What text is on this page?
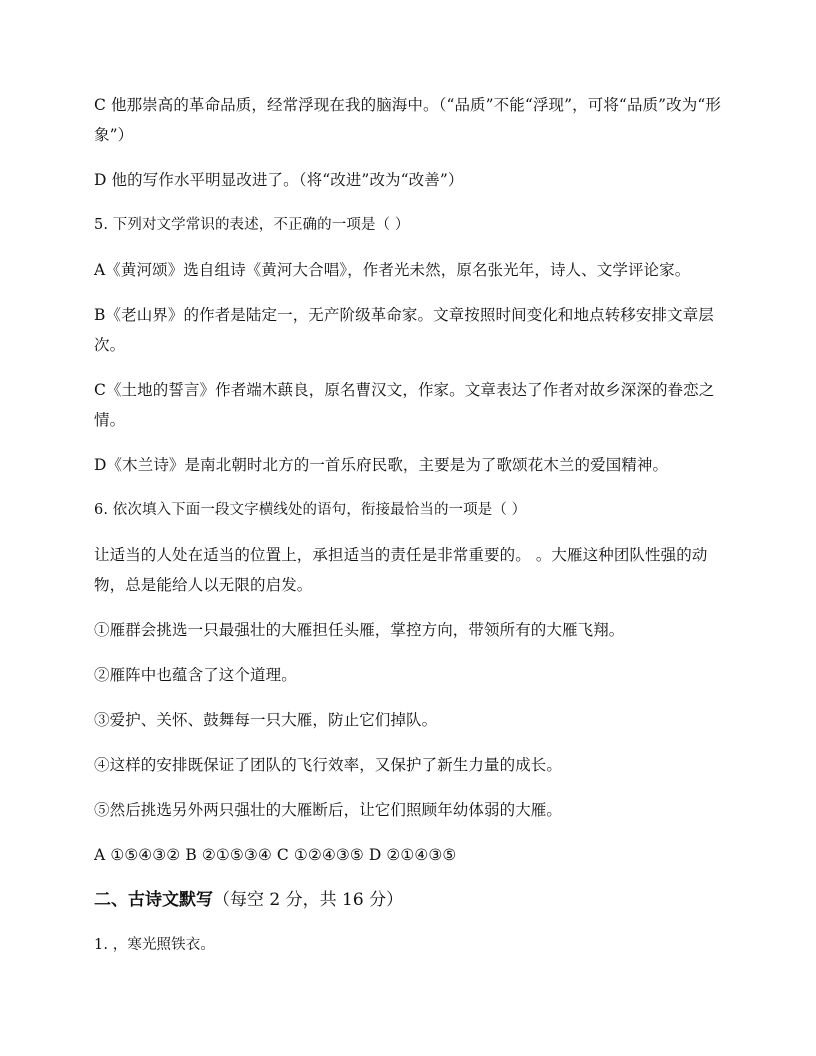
C 他那崇高的革命品质，经常浮现在我的脑海中。（“品质”不能“浮现”，可将“品质”改为“形象”）

D 他的写作水平明显改进了。（将“改进”改为“改善”）

5. 下列对文学常识的表述，不正确的一项是（ ）

A《黄河颂》选自组诗《黄河大合唱》，作者光未然，原名张光年，诗人、文学评论家。

B《老山界》的作者是陆定一，无产阶级革命家。文章按照时间变化和地点转移安排文章层次。

C《土地的誓言》作者端木蕻良，原名曹汉文，作家。文章表达了作者对故乡深深的眷恋之情。

D《木兰诗》是南北朝时北方的一首乐府民歌，主要是为了歌颂花木兰的爱国精神。

6. 依次填入下面一段文字横线处的语句，衔接最恰当的一项是（ ）

让适当的人处在适当的位置上，承担适当的责任是非常重要的。 。大雁这种团队性强的动物，总是能给人以无限的启发。

①雁群会挑选一只最强壮的大雁担任头雁，掌控方向，带领所有的大雁飞翔。

②雁阵中也蕴含了这个道理。

③爱护、关怀、鼓舞每一只大雁，防止它们掉队。

④这样的安排既保证了团队的飞行效率，又保护了新生力量的成长。

⑤然后挑选另外两只强壮的大雁断后，让它们照顾年幼体弱的大雁。

A ①⑤④③② B ②①⑤③④ C ①②④③⑤ D ②①④③⑤

二、古诗文默写（每空 2 分，共 16 分）

1. ，寒光照铁衣。
